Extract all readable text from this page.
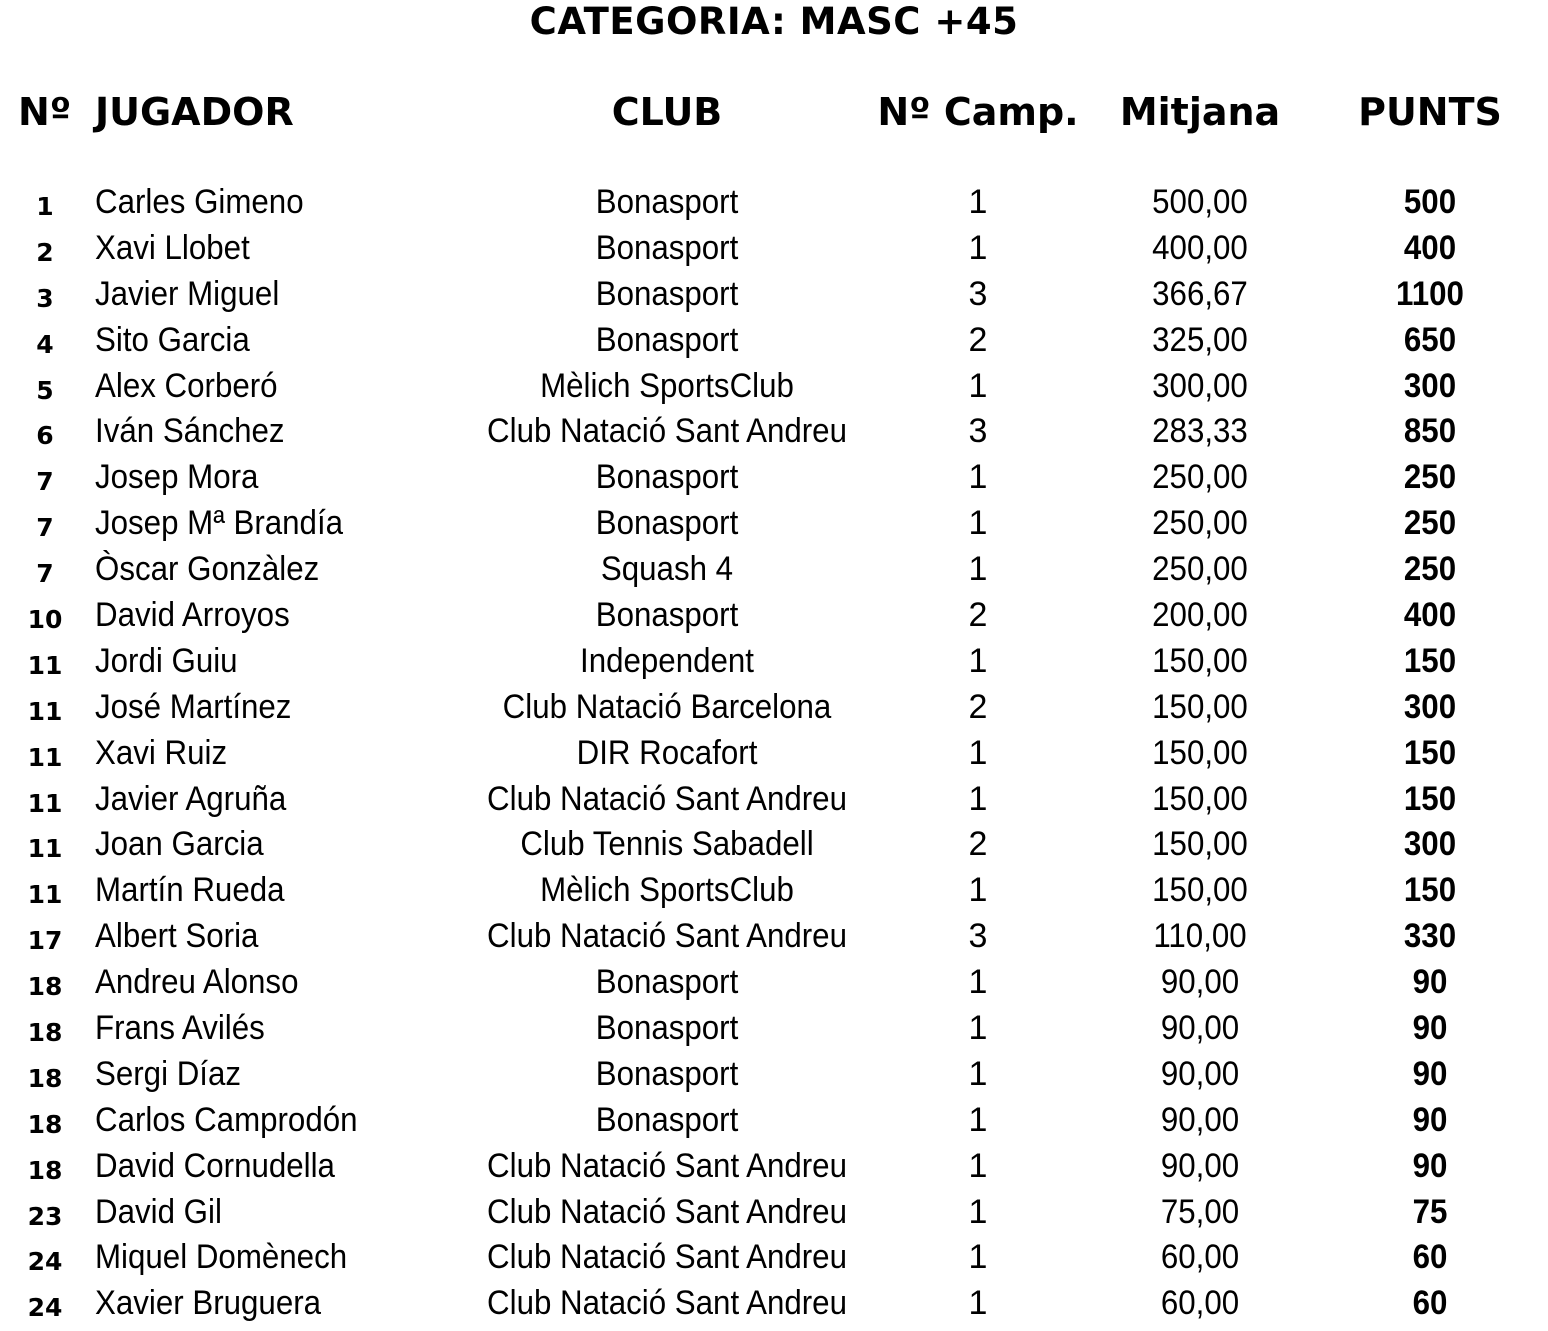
CATEGORIA: MASC +45
Nº JUGADOR	CLUB	Nº Camp.	Mitjana	PUNTS
1	Carles Gimeno	Bonasport	1	500,00	500
2	Xavi Llobet	Bonasport	1	400,00	400
3	Javier Miguel	Bonasport	3	366,67	1100
4	Sito Garcia	Bonasport	2	325,00	650
5	Alex Corberó	Mèlich SportsClub	1	300,00	300
6	Iván Sánchez	Club Natació Sant Andreu	3	283,33	850
7	Josep Mora	Bonasport	1	250,00	250
7	Josep Mª Brandía	Bonasport	1	250,00	250
7	Òscar Gonzàlez	Squash 4	1	250,00	250
10 David Arroyos	Bonasport	2	200,00	400
11 Jordi Guiu	Independent	1	150,00	150
11 José Martínez	Club Natació Barcelona	2	150,00	300
11 Xavi Ruiz	DIR Rocafort	1	150,00	150
11 Javier Agruña	Club Natació Sant Andreu	1	150,00	150
11 Joan Garcia	Club Tennis Sabadell	2	150,00	300
11 Martín Rueda	Mèlich SportsClub	1	150,00	150
17 Albert Soria	Club Natació Sant Andreu	3	110,00	330
18 Andreu Alonso	Bonasport	1	90,00	90
18 Frans Avilés	Bonasport	1	90,00	90
18 Sergi Díaz	Bonasport	1	90,00	90
18 Carlos Camprodón	Bonasport	1	90,00	90
18 David Cornudella	Club Natació Sant Andreu	1	90,00	90
23 David Gil	Club Natació Sant Andreu	1	75,00	75
24 Miquel Domènech	Club Natació Sant Andreu	1	60,00	60
24 Xavier Bruguera	Club Natació Sant Andreu	1	60,00	60
